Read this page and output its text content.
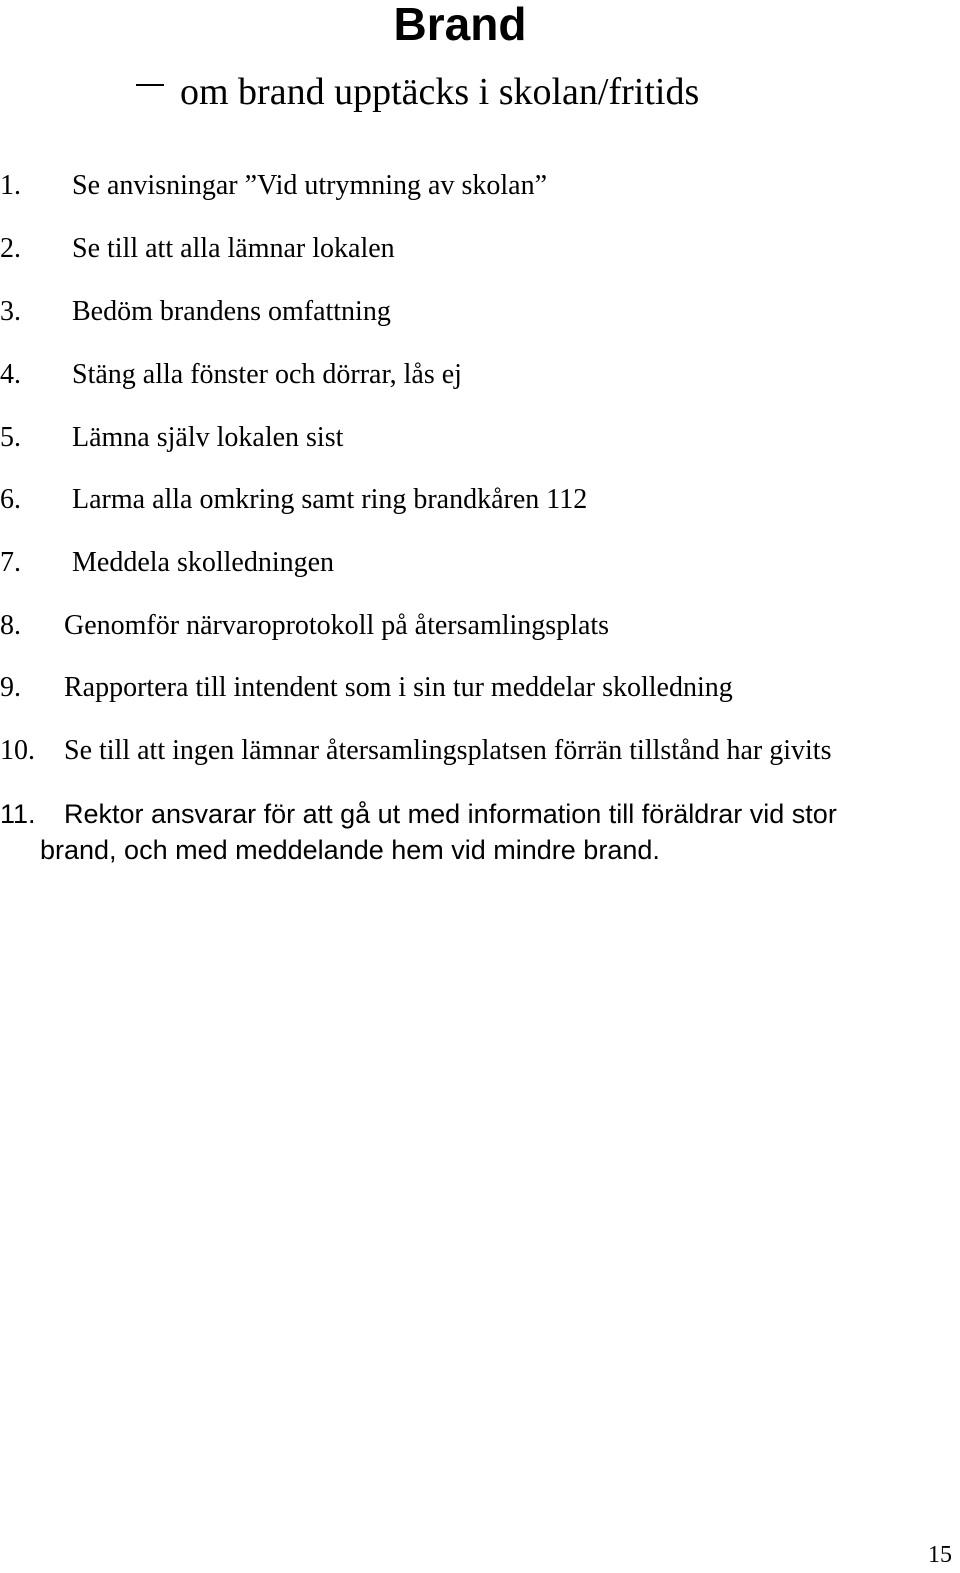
Brand
om brand upptäcks i skolan/fritids
1. Se anvisningar ”Vid utrymning av skolan”
2. Se till att alla lämnar lokalen
3. Bedöm brandens omfattning
4. Stäng alla fönster och dörrar, lås ej
5. Lämna själv lokalen sist
6. Larma alla omkring samt ring brandkåren 112
7. Meddela skolledningen
8. Genomför närvaroprotokoll på återsamlingsplats
9. Rapportera till intendent som i sin tur meddelar skolledning
10. Se till att ingen lämnar återsamlingsplatsen förrän tillstånd har givits
11.	Rektor ansvarar för att gå ut med information till föräldrar vid stor brand, och med meddelande hem vid mindre brand.
15
